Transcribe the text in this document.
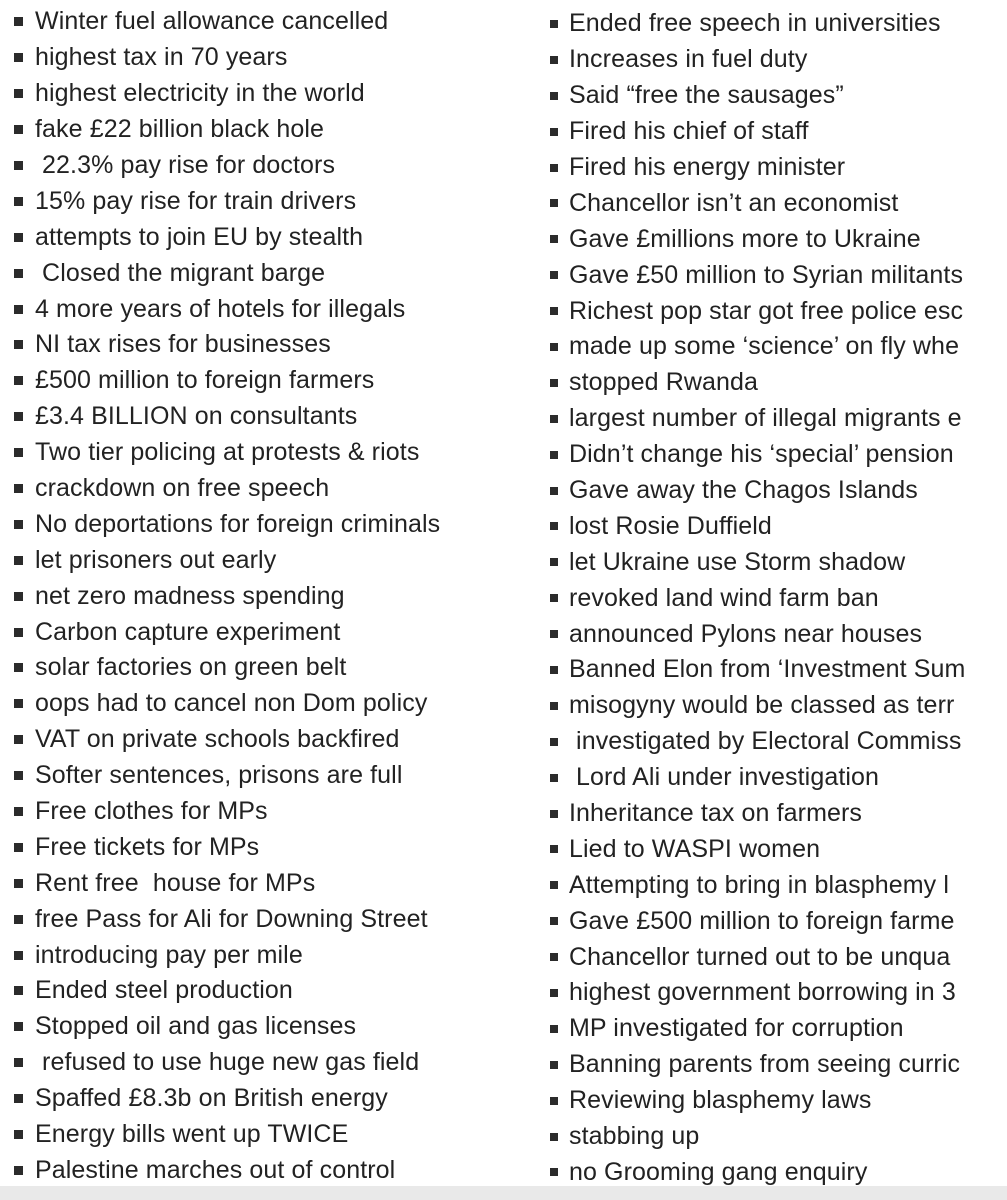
Winter fuel allowance cancelled
highest tax in 70 years
highest electricity in the world
fake £22 billion black hole
22.3% pay rise for doctors
15% pay rise for train drivers
attempts to join EU by stealth
Closed the migrant barge
4 more years of hotels for illegals
NI tax rises for businesses
£500 million to foreign farmers
£3.4 BILLION on consultants
Two tier policing at protests & riots
crackdown on free speech
No deportations for foreign criminals
let prisoners out early
net zero madness spending
Carbon capture experiment
solar factories on green belt
oops had to cancel non Dom policy
VAT on private schools backfired
Softer sentences, prisons are full
Free clothes for MPs
Free tickets for MPs
Rent free  house for MPs
free Pass for Ali for Downing Street
introducing pay per mile
Ended steel production
Stopped oil and gas licenses
refused to use huge new gas field
Spaffed £8.3b on British energy
Energy bills went up TWICE
Palestine marches out of control
Ended free speech in universities
Increases in fuel duty
Said “free the sausages”
Fired his chief of staff
Fired his energy minister
Chancellor isn’t an economist
Gave £millions more to Ukraine
Gave £50 million to Syrian militants
Richest pop star got free police esc
made up some ‘science’ on fly whe
stopped Rwanda
largest number of illegal migrants e
Didn’t change his ‘special’ pension
Gave away the Chagos Islands
lost Rosie Duffield
let Ukraine use Storm shadow
revoked land wind farm ban
announced Pylons near houses
Banned Elon from ‘Investment Sum
misogyny would be classed as terr
investigated by Electoral Commiss
Lord Ali under investigation
Inheritance tax on farmers
Lied to WASPI women
Attempting to bring in blasphemy l
Gave £500 million to foreign farme
Chancellor turned out to be unqua
highest government borrowing in 3
MP investigated for corruption
Banning parents from seeing curric
Reviewing blasphemy laws
stabbing up
no Grooming gang enquiry
